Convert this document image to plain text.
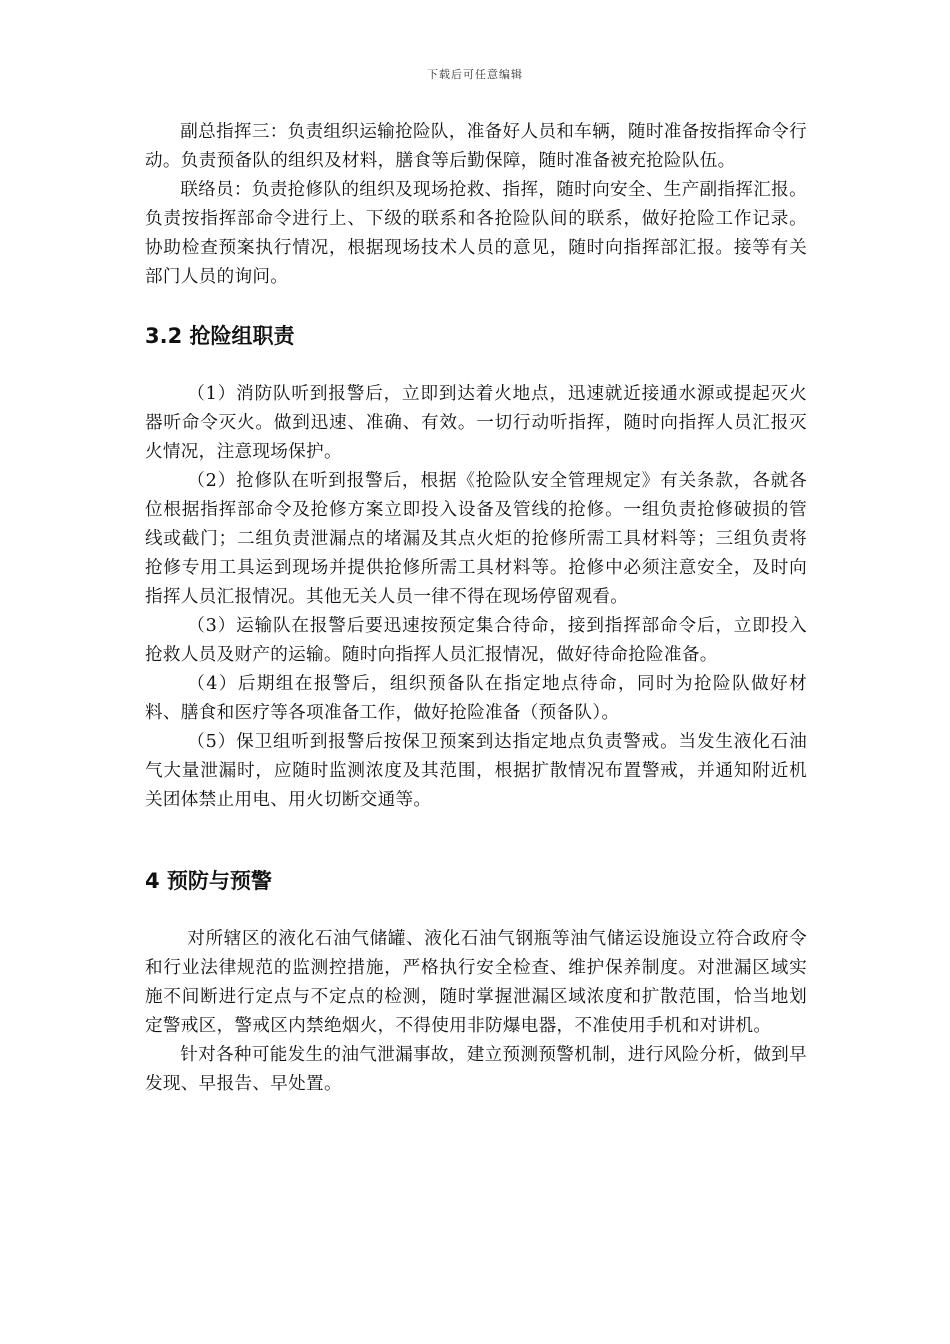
下载后可任意编辑

副总指挥三：负责组织运输抢险队，准备好人员和车辆，随时准备按指挥命令行动。负责预备队的组织及材料，膳食等后勤保障，随时准备被充抢险队伍。

联络员：负责抢修队的组织及现场抢救、指挥，随时向安全、生产副指挥汇报。负责按指挥部命令进行上、下级的联系和各抢险队间的联系，做好抢险工作记录。协助检查预案执行情况，根据现场技术人员的意见，随时向指挥部汇报。接等有关部门人员的询问。

3.2 抢险组职责

（1）消防队听到报警后，立即到达着火地点，迅速就近接通水源或提起灭火器听命令灭火。做到迅速、准确、有效。一切行动听指挥，随时向指挥人员汇报灭火情况，注意现场保护。

（2）抢修队在听到报警后，根据《抢险队安全管理规定》有关条款，各就各位根据指挥部命令及抢修方案立即投入设备及管线的抢修。一组负责抢修破损的管线或截门；二组负责泄漏点的堵漏及其点火炬的抢修所需工具材料等；三组负责将抢修专用工具运到现场并提供抢修所需工具材料等。抢修中必须注意安全，及时向指挥人员汇报情况。其他无关人员一律不得在现场停留观看。

（3）运输队在报警后要迅速按预定集合待命，接到指挥部命令后，立即投入抢救人员及财产的运输。随时向指挥人员汇报情况，做好待命抢险准备。

（4）后期组在报警后，组织预备队在指定地点待命，同时为抢险队做好材料、膳食和医疗等各项准备工作，做好抢险准备（预备队）。

（5）保卫组听到报警后按保卫预案到达指定地点负责警戒。当发生液化石油气大量泄漏时，应随时监测浓度及其范围，根据扩散情况布置警戒，并通知附近机关团体禁止用电、用火切断交通等。

4 预防与预警

对所辖区的液化石油气储罐、液化石油气钢瓶等油气储运设施设立符合政府令和行业法律规范的监测控措施，严格执行安全检查、维护保养制度。对泄漏区域实施不间断进行定点与不定点的检测，随时掌握泄漏区域浓度和扩散范围，恰当地划定警戒区，警戒区内禁绝烟火，不得使用非防爆电器，不准使用手机和对讲机。

针对各种可能发生的油气泄漏事故，建立预测预警机制，进行风险分析，做到早发现、早报告、早处置。
